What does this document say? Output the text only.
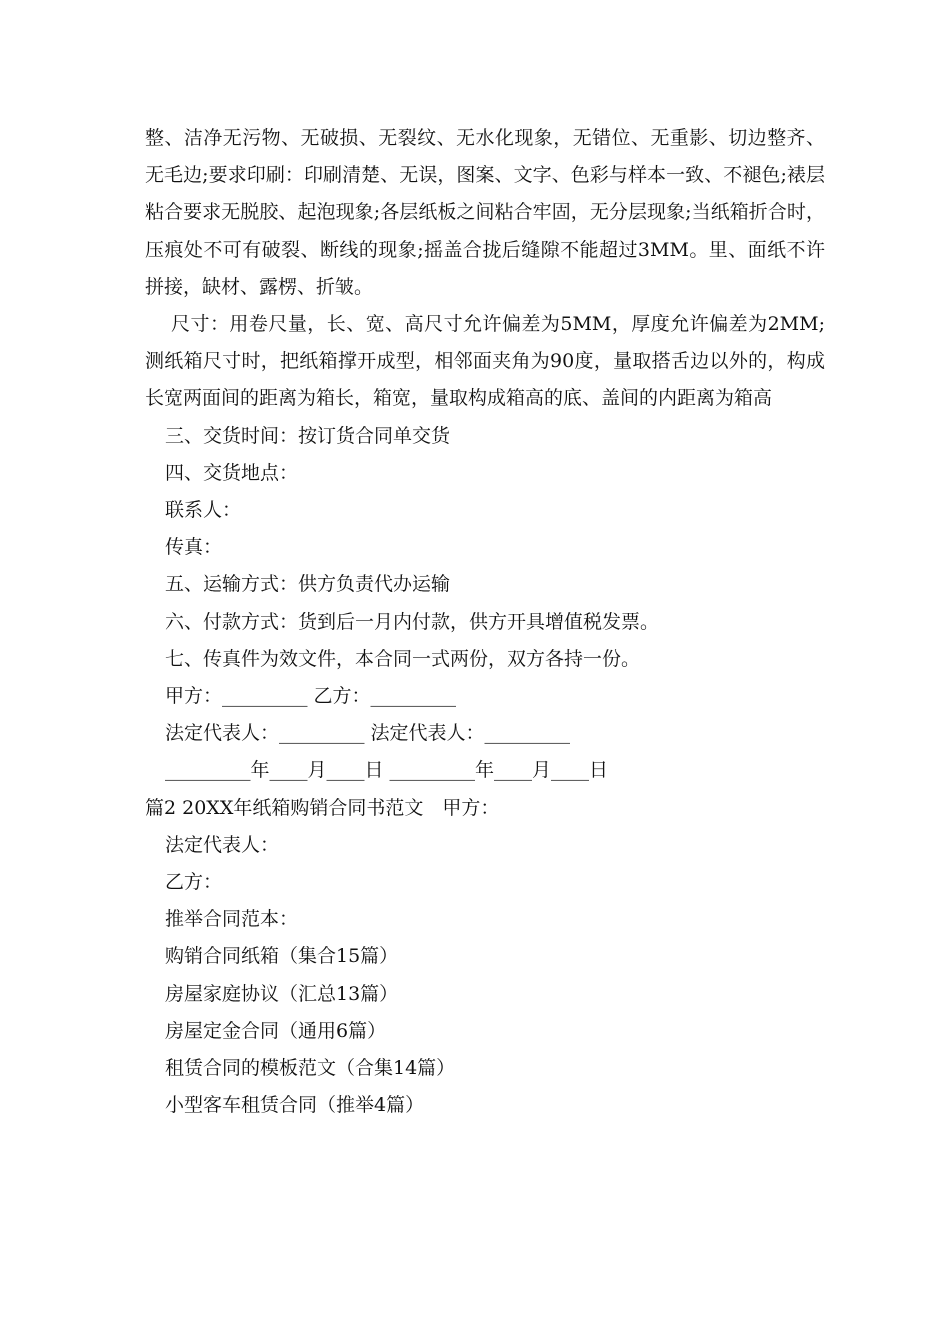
整、洁净无污物、无破损、无裂纹、无水化现象，无错位、无重影、切边整齐、无毛边;要求印刷：印刷清楚、无误，图案、文字、色彩与样本一致、不褪色;裱层粘合要求无脱胶、起泡现象;各层纸板之间粘合牢固，无分层现象;当纸箱折合时，压痕处不可有破裂、断线的现象;摇盖合拢后缝隙不能超过3MM。里、面纸不许拼接，缺材、露楞、折皱。

尺寸：用卷尺量，长、宽、高尺寸允许偏差为5MM，厚度允许偏差为2MM;测纸箱尺寸时，把纸箱撑开成型，相邻面夹角为90度，量取搭舌边以外的，构成长宽两面间的距离为箱长，箱宽，量取构成箱高的底、盖间的内距离为箱高

三、交货时间：按订货合同单交货

四、交货地点：

联系人：

传真：

五、运输方式：供方负责代办运输

六、付款方式：货到后一月内付款，供方开具增值税发票。

七、传真件为效文件，本合同一式两份，双方各持一份。

甲方：_________ 乙方：_________

法定代表人：_________ 法定代表人：_________

_________年____月____日 _________年____月____日

篇2 20XX年纸箱购销合同书范文　甲方：

法定代表人：

乙方：

推举合同范本：

购销合同纸箱（集合15篇）

房屋家庭协议（汇总13篇）

房屋定金合同（通用6篇）

租赁合同的模板范文（合集14篇）

小型客车租赁合同（推举4篇）
